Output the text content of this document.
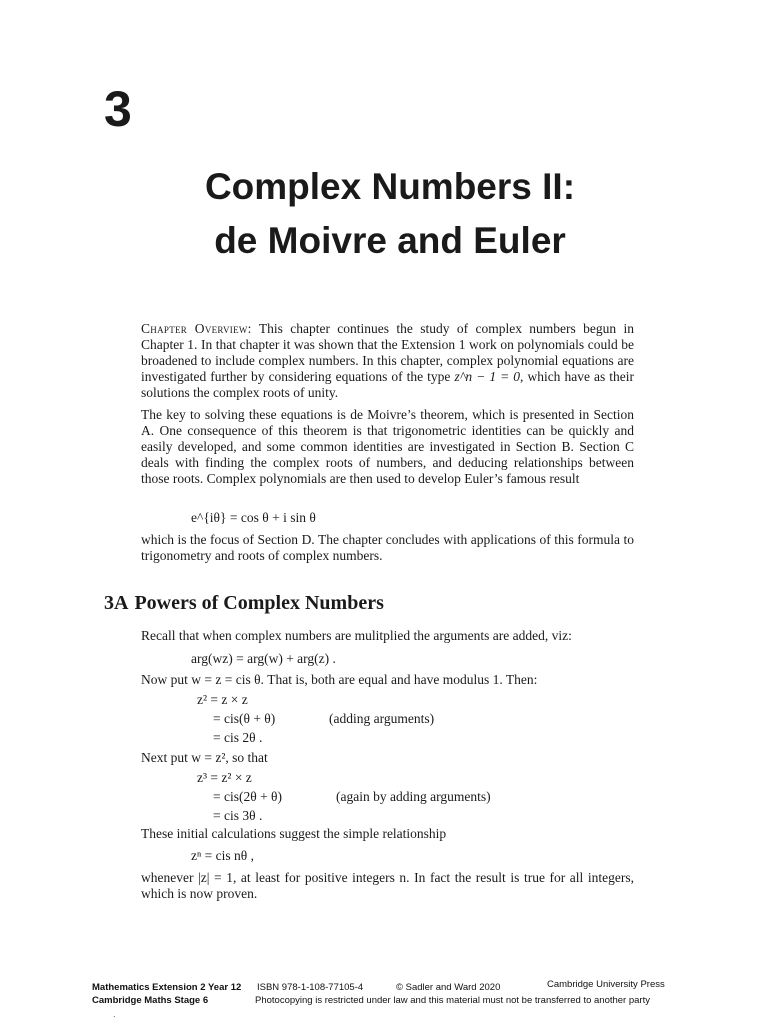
3
Complex Numbers II:
de Moivre and Euler

Chapter Overview: This chapter continues the study of complex numbers begun in Chapter 1. In that chapter it was shown that the Extension 1 work on polynomials could be broadened to include complex numbers. In this chapter, complex polynomial equations are investigated further by considering equations of the type z^n − 1 = 0, which have as their solutions the complex roots of unity.

The key to solving these equations is de Moivre’s theorem, which is presented in Section A. One consequence of this theorem is that trigonometric identities can be quickly and easily developed, and some common identities are investigated in Section B. Section C deals with finding the complex roots of numbers, and deducing relationships between those roots. Complex polynomials are then used to develop Euler’s famous result

e^{iθ} = cos θ + i sin θ

which is the focus of Section D. The chapter concludes with applications of this formula to trigonometry and roots of complex numbers.

3A Powers of Complex Numbers
Recall that when complex numbers are mulitplied the arguments are added, viz:
arg(wz) = arg(w) + arg(z) .
Now put w = z = cis θ. That is, both are equal and have modulus 1. Then:
z² = z × z
= cis(θ + θ)	(adding arguments)
= cis 2θ .
Next put w = z², so that
z³ = z² × z
= cis(2θ + θ)	(again by adding arguments)
= cis 3θ .
These initial calculations suggest the simple relationship
zⁿ = cis nθ ,

whenever |z| = 1, at least for positive integers n. In fact the result is true for all integers, which is now proven.

Mathematics Extension 2 Year 12 ISBN 978-1-108-77105-4	© Sadler and Ward 2020	Cambridge University Press
Cambridge Maths Stage 6	Photocopying is restricted under law and this material must not be transferred to another party
.
